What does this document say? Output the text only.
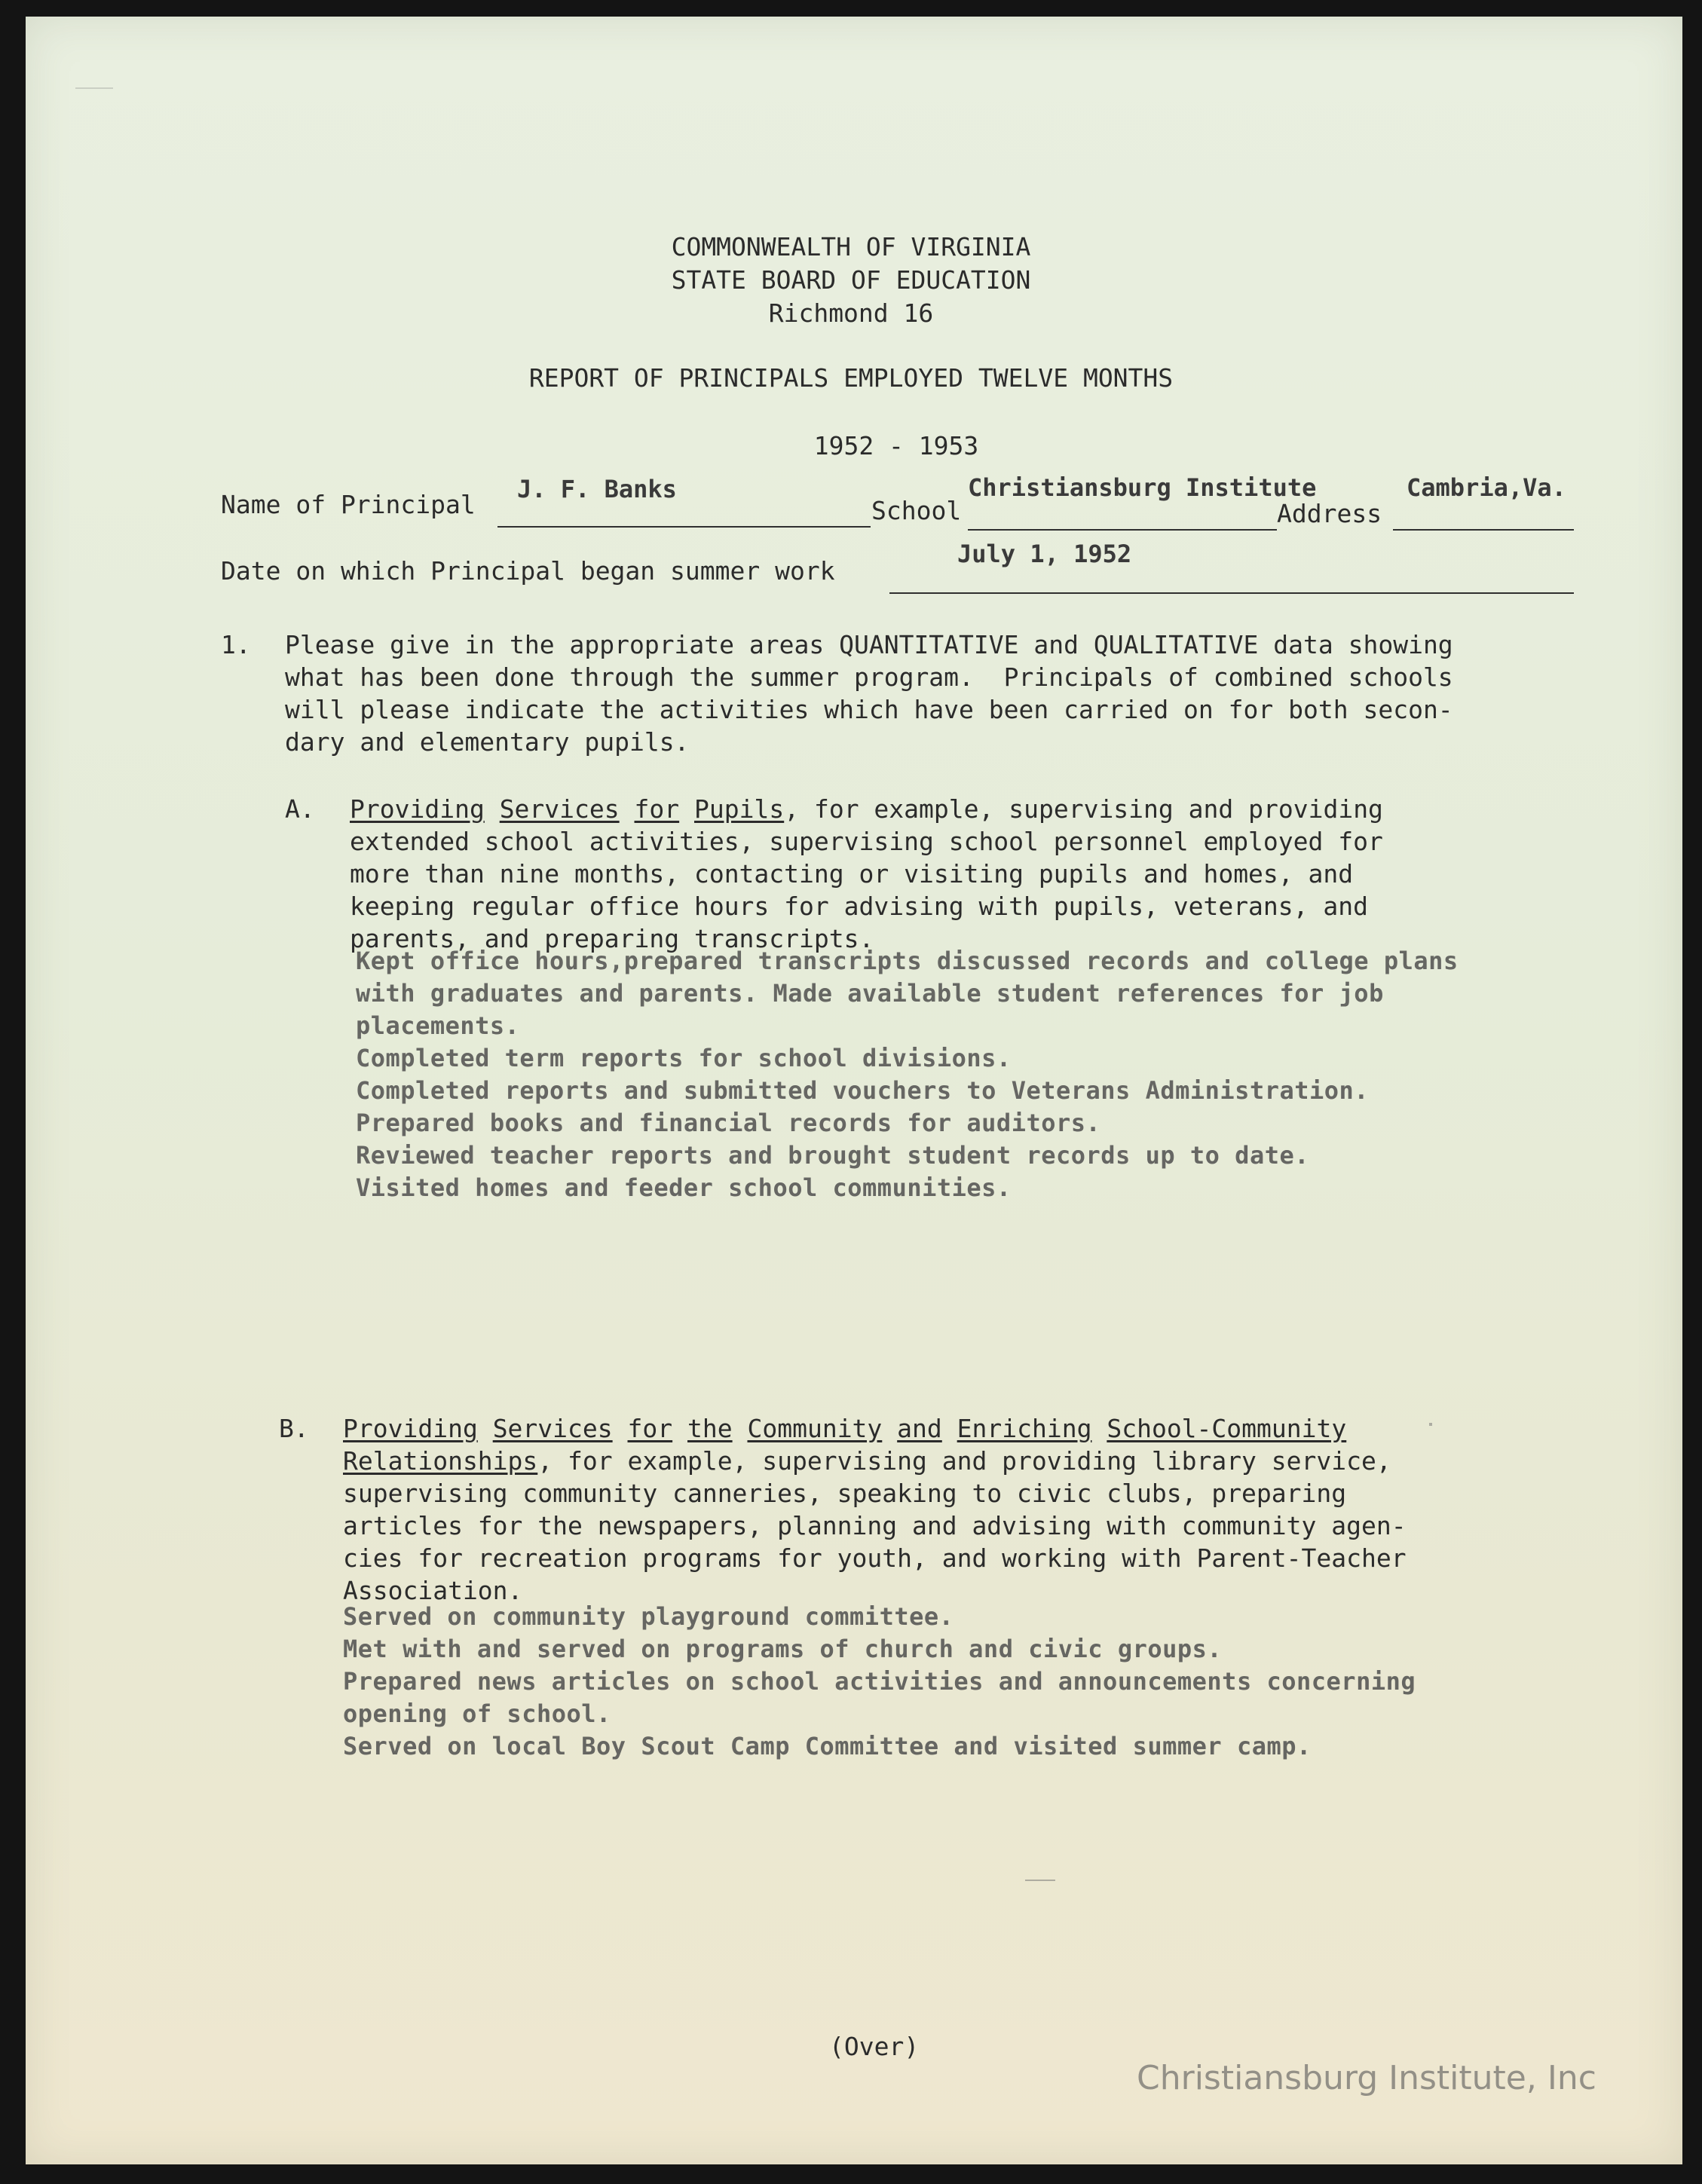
COMMONWEALTH OF VIRGINIA
STATE BOARD OF EDUCATION
Richmond 16
REPORT OF PRINCIPALS EMPLOYED TWELVE MONTHS
1952 - 1953
Name of Principal
J. F. Banks
School
Christiansburg Institute
Address
Cambria,Va.
Date on which Principal began summer work
July 1, 1952
1. Please give in the appropriate areas QUANTITATIVE and QUALITATIVE data showing
what has been done through the summer program.  Principals of combined schools
will please indicate the activities which have been carried on for both secon-
dary and elementary pupils.
A. Providing Services for Pupils, for example, supervising and providing
extended school activities, supervising school personnel employed for
more than nine months, contacting or visiting pupils and homes, and
keeping regular office hours for advising with pupils, veterans, and
parents, and preparing transcripts.
Kept office hours,prepared transcripts discussed records and college plans
with graduates and parents. Made available student references for job
placements.
Completed term reports for school divisions.
Completed reports and submitted vouchers to Veterans Administration.
Prepared books and financial records for auditors.
Reviewed teacher reports and brought student records up to date.
Visited homes and feeder school communities.
B. Providing Services for the Community and Enriching School-Community
Relationships, for example, supervising and providing library service,
supervising community canneries, speaking to civic clubs, preparing
articles for the newspapers, planning and advising with community agen-
cies for recreation programs for youth, and working with Parent-Teacher
Association.
Served on community playground committee.
Met with and served on programs of church and civic groups.
Prepared news articles on school activities and announcements concerning
opening of school.
Served on local Boy Scout Camp Committee and visited summer camp.
(Over)
Christiansburg Institute, Inc
